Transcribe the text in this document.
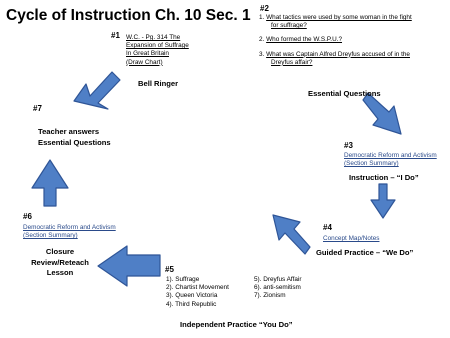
Cycle of Instruction Ch. 10 Sec. 1
#1 W.C. - Pg. 314 The
Expansion of Suffrage
In Great Britain
(Draw Chart)
Bell Ringer
#2
1. What tactics were used by some woman in the fight
for suffrage?
2. Who formed the W.S.P.U.?
3. What was Captain Alfred Dreyfus accused of in the
Dreyfus affair?
Essential Questions
#3
Democratic Reform and Activism
(Section Summary)
Instruction – “I Do”
#4
Concept Map/Notes
Guided Practice – “We Do”
#5
1). Suffrage
2). Chartist Movement
3). Queen Victoria
4). Third Republic
5). Dreyfus Affair
6). anti-semitism
7). Zionism
Independent Practice “You Do”
#6
Democratic Reform and Activism
(Section Summary)
Closure
Review/Reteach
Lesson
#7
Teacher answers
Essential Questions
